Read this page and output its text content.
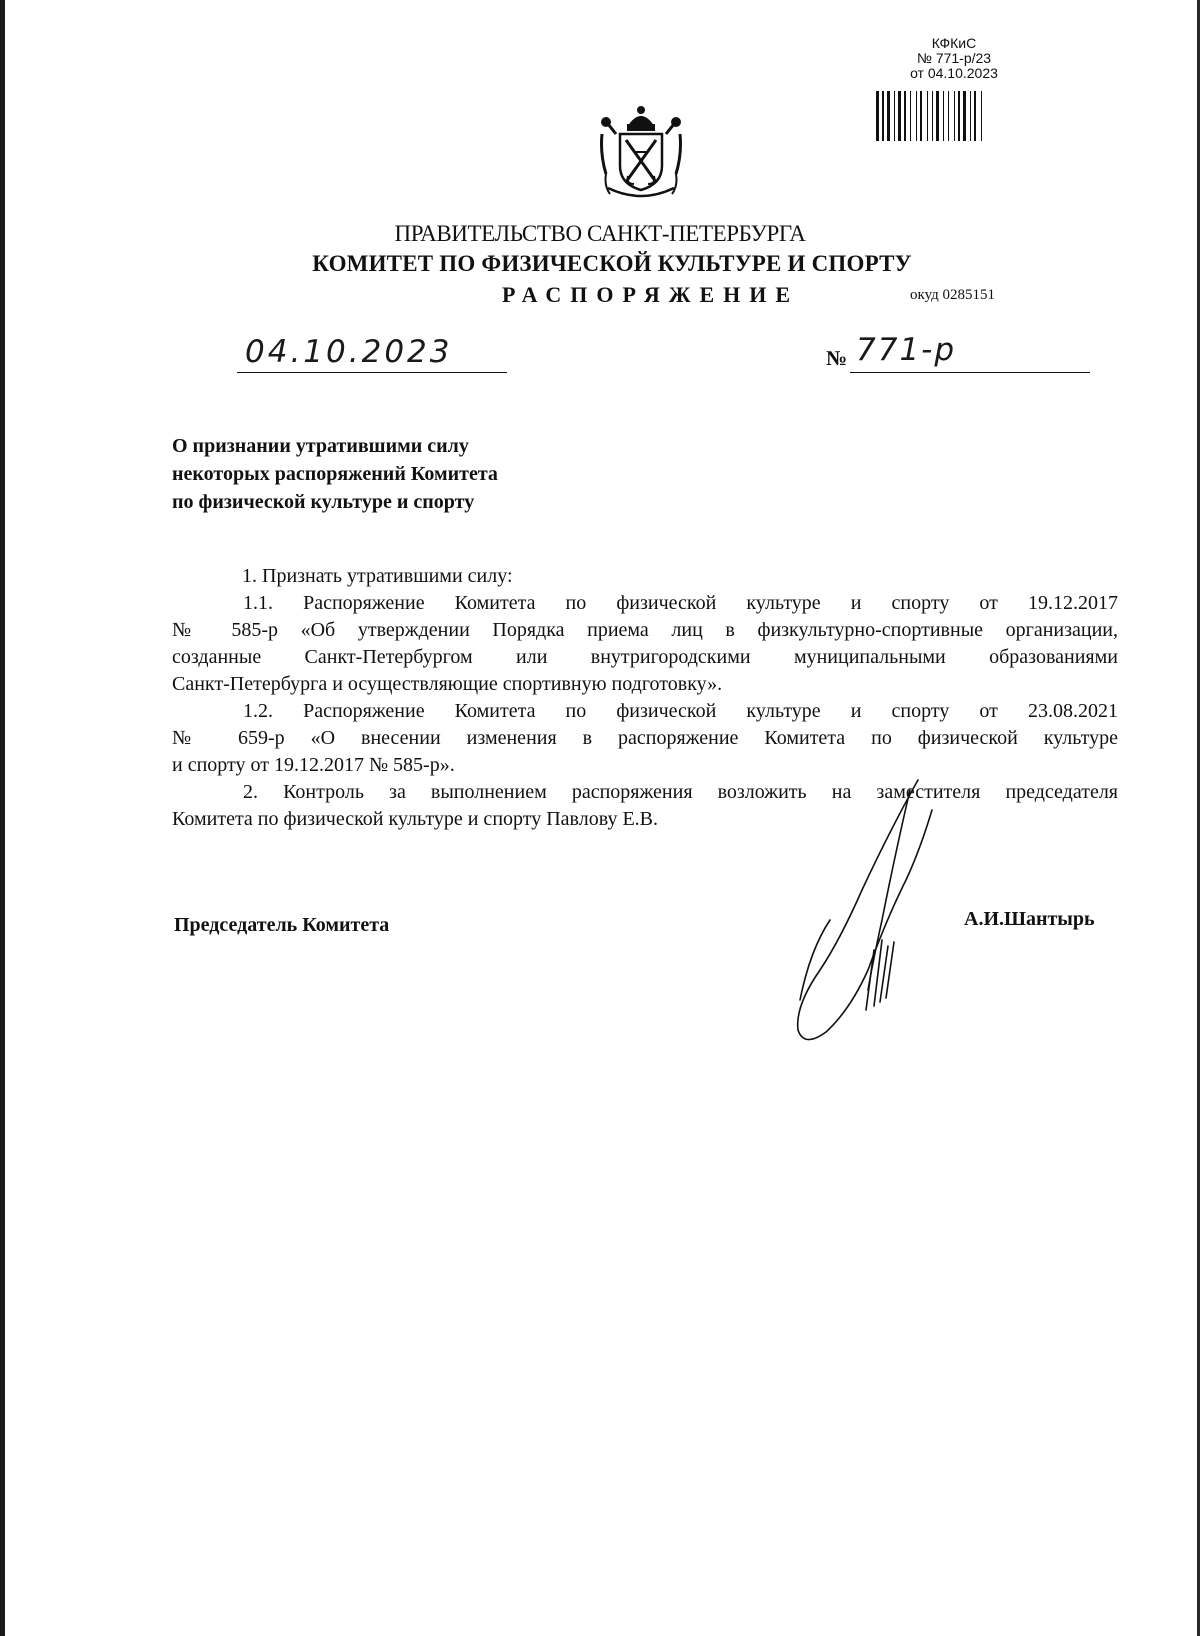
КФКиС
№ 771-р/23
от 04.10.2023
ПРАВИТЕЛЬСТВО САНКТ-ПЕТЕРБУРГА
КОМИТЕТ ПО ФИЗИЧЕСКОЙ КУЛЬТУРЕ И СПОРТУ
РАСПОРЯЖЕНИЕ	окуд 0285151
04.10.2023	№ 771-р
О признании утратившими силу
некоторых распоряжений Комитета
по физической культуре и спорту

1. Признать утратившими силу:

1.1. Распоряжение Комитета по физической культуре и спорту от 19.12.2017

№ 585-р «Об утверждении Порядка приема лиц в физкультурно-спортивные организации,

созданные Санкт-Петербургом или внутригородскими муниципальными образованиями

Санкт-Петербурга и осуществляющие спортивную подготовку».

1.2. Распоряжение Комитета по физической культуре и спорту от 23.08.2021

№ 659-р «О внесении изменения в распоряжение Комитета по физической культуре

и спорту от 19.12.2017 № 585-р».

2. Контроль за выполнением распоряжения возложить на заместителя председателя

Комитета по физической культуре и спорту Павлову Е.В.

Председатель Комитета	А.И.Шантырь
